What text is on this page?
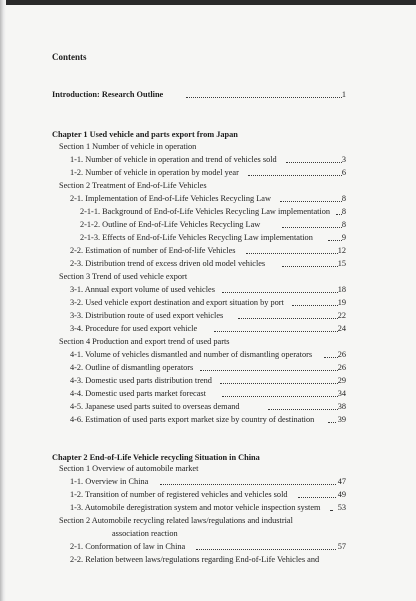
Contents
Introduction: Research Outline	1
Chapter 1 Used vehicle and parts export from Japan
Section 1 Number of vehicle in operation
1-1. Number of vehicle in operation and trend of vehicles sold	3
1-2. Number of vehicle in operation by model year	6
Section 2 Treatment of End-of-Life Vehicles
2-1. Implementation of End-of-Life Vehicles Recycling Law	8
2-1-1. Background of End-of-Life Vehicles Recycling Law implementation 8
2-1-2. Outline of End-of-Life Vehicles Recycling Law	8
2-1-3. Effects of End-of-Life Vehicles Recycling Law implementation	9
2-2. Estimation of number of End-of-life Vehicles	12
2-3. Distribution trend of excess driven old model vehicles	15
Section 3 Trend of used vehicle export
3-1. Annual export volume of used vehicles	18
3-2. Used vehicle export destination and export situation by port	19
3-3. Distribution route of used export vehicles	22
3-4. Procedure for used export vehicle	24
Section 4 Production and export trend of used parts
4-1. Volume of vehicles dismantled and number of dismantling operators	26
4-2. Outline of dismantling operators	26
4-3. Domestic used parts distribution trend	29
4-4. Domestic used parts market forecast	34
4-5. Japanese used parts suited to overseas demand	38
4-6. Estimation of used parts export market size by country of destination	39
Chapter 2 End-of-Life Vehicle recycling Situation in China
Section 1 Overview of automobile market
1-1. Overview in China	47
1-2. Transition of number of registered vehicles and vehicles sold	49
1-3. Automobile deregistration system and motor vehicle inspection system 53
Section 2 Automobile recycling related laws/regulations and industrial
association reaction
2-1. Conformation of law in China	57
2-2. Relation between laws/regulations regarding End-of-Life Vehicles and
